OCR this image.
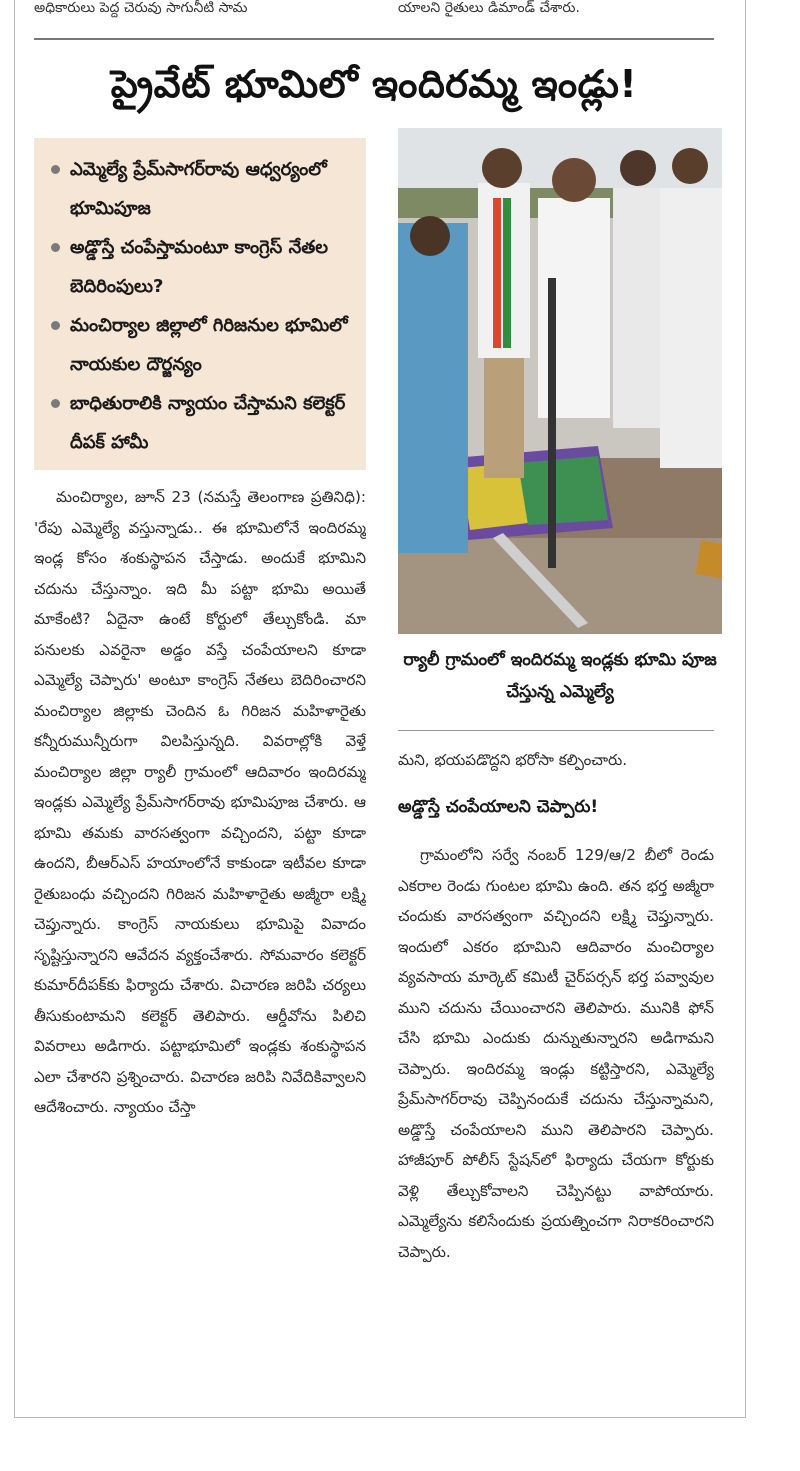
అధికారులు పెద్ద చెరువు సాగునీటి సామ	యాలని రైతులు డిమాండ్ చేశారు.
ప్రైవేట్ భూమిలో ఇందిరమ్మ ఇండ్లు!
ఎమ్మెల్యే ప్రేమ్‌సాగర్‌రావు ఆధ్వర్యంలో భూమిపూజ
అడ్డొస్తే చంపేస్తామంటూ కాంగ్రెస్ నేతల బెదిరింపులు?
మంచిర్యాల జిల్లాలో గిరిజనుల భూమిలో నాయకుల దౌర్జన్యం
బాధితురాలికి న్యాయం చేస్తామని కలెక్టర్ దీపక్ హామీ
ర్యాలీ గ్రామంలో ఇందిరమ్మ ఇండ్లకు భూమి పూజ చేస్తున్న ఎమ్మెల్యే

మంచిర్యాల, జూన్ 23 (నమస్తే తెలంగాణ ప్రతినిధి): 'రేపు ఎమ్మెల్యే వస్తున్నాడు.. ఈ భూమిలోనే ఇందిరమ్మ ఇండ్ల కోసం శంకుస్థాపన చేస్తాడు. అందుకే భూమిని చదును చేస్తున్నాం. ఇది మీ పట్టా భూమి అయితే మాకేంటి? ఏదైనా ఉంటే కోర్టులో తేల్చుకోండి. మా పనులకు ఎవరైనా అడ్డం వస్తే చంపేయాలని కూడా ఎమ్మెల్యే చెప్పారు' అంటూ కాంగ్రెస్ నేతలు బెదిరించారని మంచిర్యాల జిల్లాకు చెందిన ఓ గిరిజన మహిళారైతు కన్నీరుమున్నీరుగా విలపిస్తున్నది. వివరాల్లోకి వెళ్తే మంచిర్యాల జిల్లా ర్యాలీ గ్రామంలో ఆదివారం ఇందిరమ్మ ఇండ్లకు ఎమ్మెల్యే ప్రేమ్‌సాగర్‌రావు భూమిపూజ చేశారు. ఆ భూమి తమకు వారసత్వంగా వచ్చిందని, పట్టా కూడా ఉందని, బీఆర్‌ఎస్ హయాంలోనే కాకుండా ఇటీవల కూడా రైతుబంధు వచ్చిందని గిరిజన మహిళారైతు అజ్మీరా లక్ష్మి చెప్తున్నారు. కాంగ్రెస్ నాయకులు భూమిపై వివాదం సృష్టిస్తున్నారని ఆవేదన వ్యక్తంచేశారు. సోమవారం కలెక్టర్ కుమార్‌దీపక్‌కు ఫిర్యాదు చేశారు. విచారణ జరిపి చర్యలు తీసుకుంటామని కలెక్టర్ తెలిపారు. ఆర్డీవోను పిలిచి వివరాలు అడిగారు. పట్టాభూమిలో ఇండ్లకు శంకుస్థాపన ఎలా చేశారని ప్రశ్నించారు. విచారణ జరిపి నివేదికివ్వాలని ఆదేశించారు. న్యాయం చేస్తా

మని, భయపడొద్దని భరోసా కల్పించారు.
అడ్డొస్తే చంపేయాలని చెప్పారు!

గ్రామంలోని సర్వే నంబర్ 129/ఆ/2 బీలో రెండు ఎకరాల రెండు గుంటల భూమి ఉంది. తన భర్త అజ్మీరా చందుకు వారసత్వంగా వచ్చిందని లక్ష్మి చెప్తున్నారు. ఇందులో ఎకరం భూమిని ఆదివారం మంచిర్యాల వ్యవసాయ మార్కెట్ కమిటీ చైర్‌పర్సన్ భర్త పవ్వావుల ముని చదును చేయించారని తెలిపారు. మునికి ఫోన్ చేసి భూమి ఎందుకు దున్నుతున్నారని అడిగామని చెప్పారు. ఇందిరమ్మ ఇండ్లు కట్టిస్తారని, ఎమ్మెల్యే ప్రేమ్‌సాగర్‌రావు చెప్పినందుకే చదును చేస్తున్నామని, అడ్డొస్తే చంపేయాలని ముని తెలిపారని చెప్పారు. హాజీపూర్ పోలీస్ స్టేషన్‌లో ఫిర్యాదు చేయగా కోర్టుకు వెళ్లి తేల్చుకోవాలని చెప్పినట్టు వాపోయారు. ఎమ్మెల్యేను కలిసేందుకు ప్రయత్నించగా నిరాకరించారని చెప్పారు.
